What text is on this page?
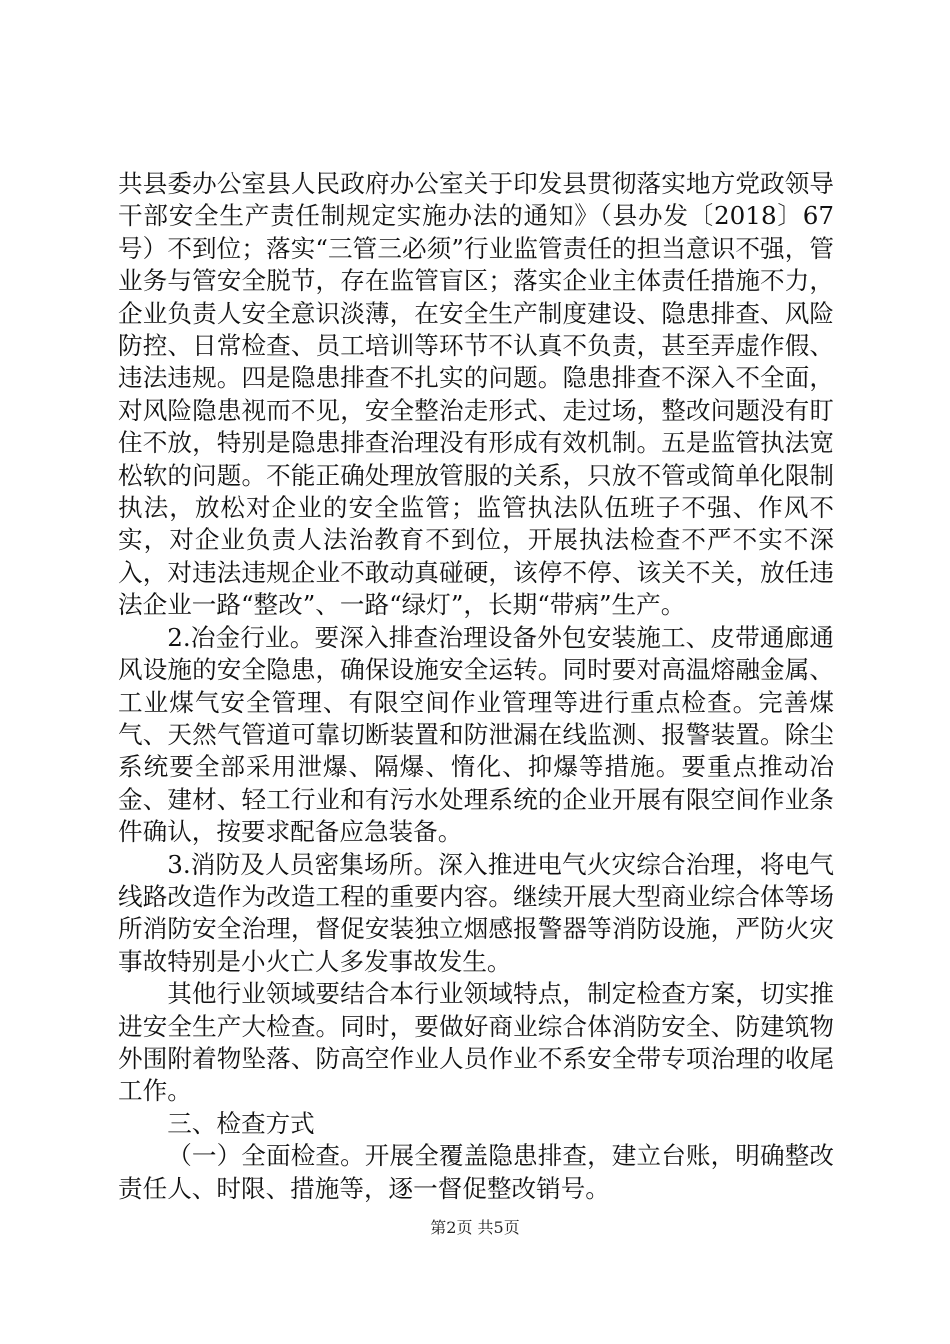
共县委办公室县人民政府办公室关于印发县贯彻落实地方党政领导干部安全生产责任制规定实施办法的通知》（县办发〔2018〕67号）不到位；落实“三管三必须”行业监管责任的担当意识不强，管业务与管安全脱节，存在监管盲区；落实企业主体责任措施不力，企业负责人安全意识淡薄，在安全生产制度建设、隐患排查、风险防控、日常检查、员工培训等环节不认真不负责，甚至弄虚作假、违法违规。四是隐患排查不扎实的问题。隐患排查不深入不全面，对风险隐患视而不见，安全整治走形式、走过场，整改问题没有盯住不放，特别是隐患排查治理没有形成有效机制。五是监管执法宽松软的问题。不能正确处理放管服的关系，只放不管或简单化限制执法，放松对企业的安全监管；监管执法队伍班子不强、作风不实，对企业负责人法治教育不到位，开展执法检查不严不实不深入，对违法违规企业不敢动真碰硬，该停不停、该关不关，放任违法企业一路“整改”、一路“绿灯”，长期“带病”生产。

2.冶金行业。要深入排查治理设备外包安装施工、皮带通廊通风设施的安全隐患，确保设施安全运转。同时要对高温熔融金属、工业煤气安全管理、有限空间作业管理等进行重点检查。完善煤气、天然气管道可靠切断装置和防泄漏在线监测、报警装置。除尘系统要全部采用泄爆、隔爆、惰化、抑爆等措施。要重点推动冶金、建材、轻工行业和有污水处理系统的企业开展有限空间作业条件确认，按要求配备应急装备。

3.消防及人员密集场所。深入推进电气火灾综合治理，将电气线路改造作为改造工程的重要内容。继续开展大型商业综合体等场所消防安全治理，督促安装独立烟感报警器等消防设施，严防火灾事故特别是小火亡人多发事故发生。

其他行业领域要结合本行业领域特点，制定检查方案，切实推进安全生产大检查。同时，要做好商业综合体消防安全、防建筑物外围附着物坠落、防高空作业人员作业不系安全带专项治理的收尾工作。

三、检查方式

（一）全面检查。开展全覆盖隐患排查，建立台账，明确整改责任人、时限、措施等，逐一督促整改销号。

第2页 共5页
